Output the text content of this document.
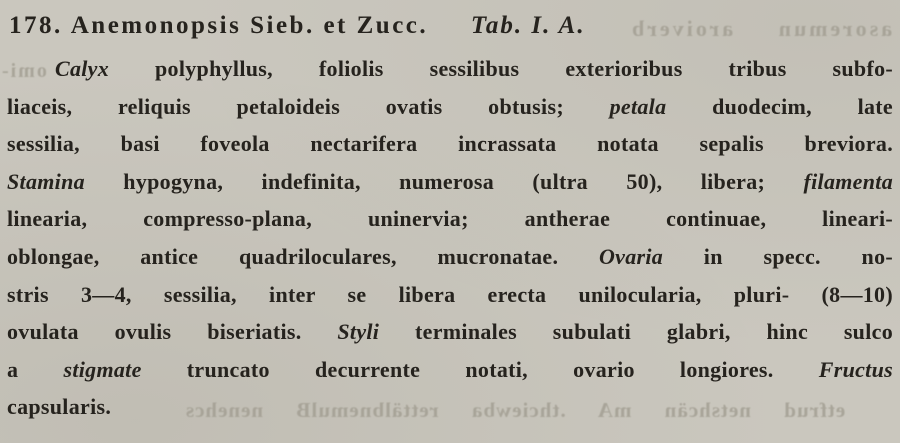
breviora numerosa
-imo
schenen Blumenblätter abweicht. Am nächsten durfte
178. Anemonopsis Sieb. et Zucc. Tab. I. A.
Calyx polyphyllus, foliolis sessilibus exterioribus tribus subfo-
liaceis, reliquis petaloideis ovatis obtusis; petala duodecim, late
sessilia, basi foveola nectarifera incrassata notata sepalis breviora.
Stamina hypogyna, indefinita, numerosa (ultra 50), libera; filamenta
linearia, compresso-plana, uninervia; antherae continuae, lineari-
oblongae, antice quadriloculares, mucronatae. Ovaria in specc. no-
stris 3—4, sessilia, inter se libera erecta unilocularia, pluri- (8—10)
ovulata ovulis biseriatis. Styli terminales subulati glabri, hinc sulco
a stigmate truncato decurrente notati, ovario longiores. Fructus
capsularis.
